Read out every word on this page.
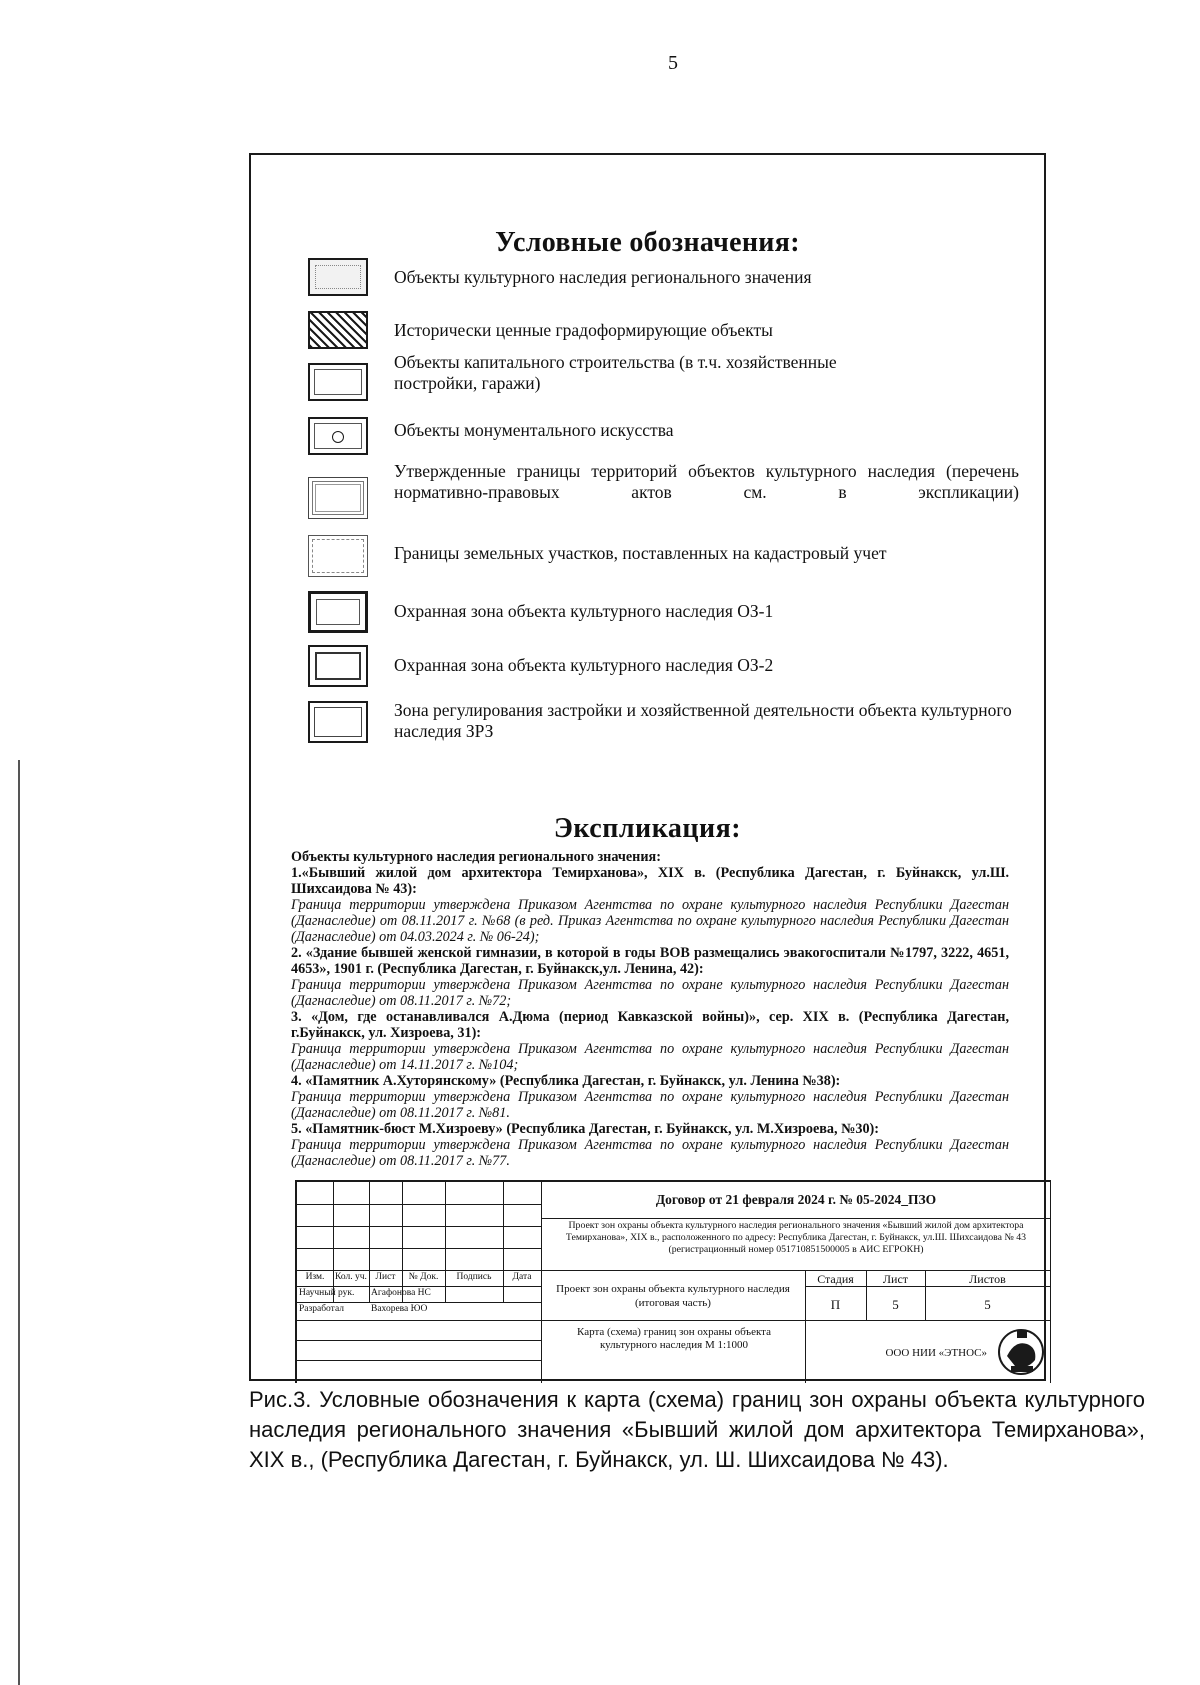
5
Условные обозначения:
Объекты культурного наследия регионального значения
Исторически ценные градоформирующие объекты
Объекты капитального строительства (в т.ч. хозяйственные постройки, гаражи)
Объекты монументального искусства
Утвержденные границы территорий объектов культурного наследия (перечень нормативно-правовых актов см. в экспликации)
Границы земельных участков, поставленных на кадастровый учет
Охранная зона объекта культурного наследия ОЗ-1
Охранная зона объекта культурного наследия ОЗ-2
Зона регулирования застройки и хозяйственной деятельности объекта культурного наследия ЗРЗ
Экспликация:

Объекты культурного наследия регионального значения:

1.«Бывший жилой дом архитектора Темирханова», XIX в. (Республика Дагестан, г. Буйнакск, ул.Ш. Шихсаидова № 43):

Граница территории утверждена Приказом Агентства по охране культурного наследия Республики Дагестан (Дагнаследие) от 08.11.2017 г. №68 (в ред. Приказ Агентства по охране культурного наследия Республики Дагестан (Дагнаследие) от 04.03.2024 г. № 06-24);

2. «Здание бывшей женской гимназии, в которой в годы ВОВ размещались эвакогоспитали №1797, 3222, 4651, 4653», 1901 г. (Республика Дагестан, г. Буйнакск,ул. Ленина, 42):

Граница территории утверждена Приказом Агентства по охране культурного наследия Республики Дагестан (Дагнаследие) от 08.11.2017 г. №72;

3. «Дом, где останавливался А.Дюма (период Кавказской войны)», сер. XIX в. (Республика Дагестан, г.Буйнакск, ул. Хизроева, 31):

Граница территории утверждена Приказом Агентства по охране культурного наследия Республики Дагестан (Дагнаследие) от 14.11.2017 г. №104;

4. «Памятник А.Хуторянскому» (Республика Дагестан, г. Буйнакск, ул. Ленина №38):

Граница территории утверждена Приказом Агентства по охране культурного наследия Республики Дагестан (Дагнаследие) от 08.11.2017 г. №81.

5. «Памятник-бюст М.Хизроеву» (Республика Дагестан, г. Буйнакск, ул. М.Хизроева, №30):

Граница территории утверждена Приказом Агентства по охране культурного наследия Республики Дагестан (Дагнаследие) от 08.11.2017 г. №77.

Изм.	Кол. уч. Лист	№ Док.	Подпись	Дата
Научный рук.	Агафонова НС
Разработал	Вахорева ЮО
Договор от 21 февраля 2024 г. № 05-2024_ПЗО
Проект зон охраны объекта культурного наследия регионального значения «Бывший жилой дом архитектора Темирханова», XIX в., расположенного по адресу: Республика Дагестан, г. Буйнакск, ул.Ш. Шихсаидова № 43 (регистрационный номер 051710851500005 в АИС ЕГРОКН)
Проект зон охраны объекта культурного наследия (итоговая часть)
Стадия	Лист	Листов
П	5	5
Карта (схема) границ зон охраны объекта культурного наследия М 1:1000
ООО НИИ «ЭТНОС»
Рис.3. Условные обозначения к карта (схема) границ зон охраны объекта культурного наследия регионального значения «Бывший жилой дом архитектора Темирханова», XIX в., (Республика Дагестан, г. Буйнакск, ул. Ш. Шихсаидова № 43).
